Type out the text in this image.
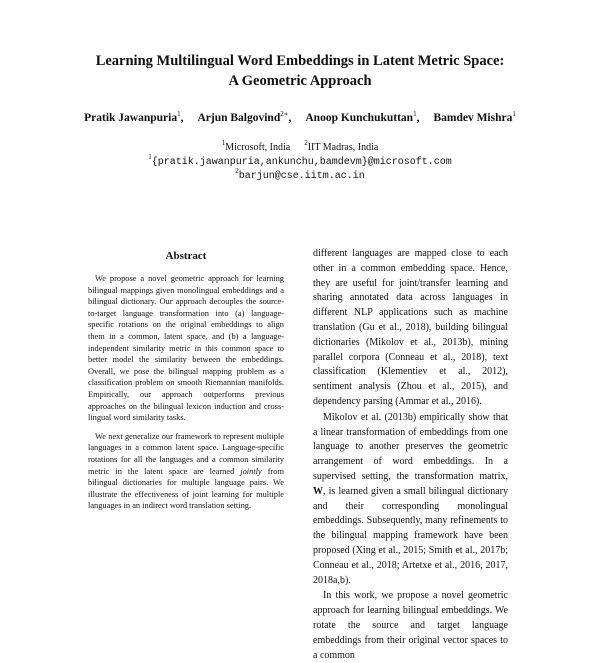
Learning Multilingual Word Embeddings in Latent Metric Space:
A Geometric Approach
Pratik Jawanpuria$^1$, Arjun Balgovind$^{2∗}$, Anoop Kunchukuttan$^1$, Bamdev Mishra$^1$
$^1$Microsoft, India $^2$IIT Madras, India
$^1${pratik.jawanpuria,ankunchu,bamdevm}@microsoft.com
$^2$barjun@cse.iitm.ac.in
Abstract

We propose a novel geometric approach for learning bilingual mappings given monolingual embeddings and a bilingual dictionary. Our approach decouples the source-to-target language transformation into (a) language-specific rotations on the original embeddings to align them in a common, latent space, and (b) a language-independent similarity metric in this common space to better model the similarity between the embeddings. Overall, we pose the bilingual mapping problem as a classification problem on smooth Riemannian manifolds. Empirically, our approach outperforms previous approaches on the bilingual lexicon induction and cross-lingual word similarity tasks.

We next generalize our framework to represent multiple languages in a common latent space. Language-specific rotations for all the languages and a common similarity metric in the latent space are learned jointly from bilingual dictionaries for multiple language pairs. We illustrate the effectiveness of joint learning for multiple languages in an indirect word translation setting.

different languages are mapped close to each other in a common embedding space. Hence, they are useful for joint/transfer learning and sharing annotated data across languages in different NLP applications such as machine translation (Gu et al., 2018), building bilingual dictionaries (Mikolov et al., 2013b), mining parallel corpora (Conneau et al., 2018), text classification (Klementiev et al., 2012), sentiment analysis (Zhou et al., 2015), and dependency parsing (Ammar et al., 2016).

Mikolov et al. (2013b) empirically show that a linear transformation of embeddings from one language to another preserves the geometric arrangement of word embeddings. In a supervised setting, the transformation matrix, W, is learned given a small bilingual dictionary and their corresponding monolingual embeddings. Subsequently, many refinements to the bilingual mapping framework have been proposed (Xing et al., 2015; Smith et al., 2017b; Conneau et al., 2018; Artetxe et al., 2016, 2017, 2018a,b).

In this work, we propose a novel geometric approach for learning bilingual embeddings. We rotate the source and target language embeddings from their original vector spaces to a common
